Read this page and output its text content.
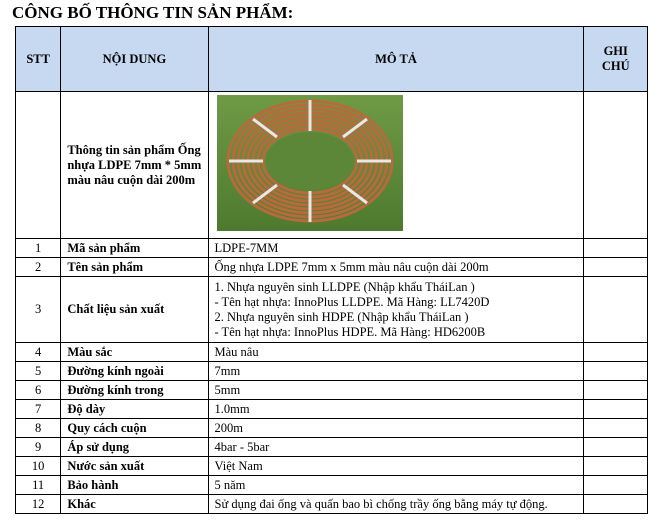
CÔNG BỐ THÔNG TIN SẢN PHẨM:
STT	NỘI DUNG	MÔ TẢ	GHI CHÚ
	Thông tin sản phẩm Ống nhựa LDPE 7mm * 5mm màu nâu cuộn dài 200m		
1	Mã sản phẩm	LDPE-7MM	
2	Tên sản phẩm	Ống nhựa LDPE 7mm x 5mm màu nâu cuộn dài 200m	
3	Chất liệu sản xuất	1. Nhựa nguyên sinh LLDPE (Nhập khẩu TháiLan )
- Tên hạt nhựa: InnoPlus LLDPE. Mã Hàng: LL7420D
2. Nhựa nguyên sinh HDPE (Nhập khẩu TháiLan )
- Tên hạt nhựa: InnoPlus HDPE. Mã Hàng: HD6200B	

4	Màu sắc	Màu nâu	
5	Đường kính ngoài	7mm	
6	Đường kính trong	5mm	
7	Độ dày	1.0mm	
8	Quy cách cuộn	200m	
9	Áp sử dụng	4bar - 5bar	
10	Nước sản xuất	Việt Nam	
11	Bảo hành	5 năm	
12	Khác	Sử dụng đai ống và quấn bao bì chống trầy ống bằng máy tự động.	
